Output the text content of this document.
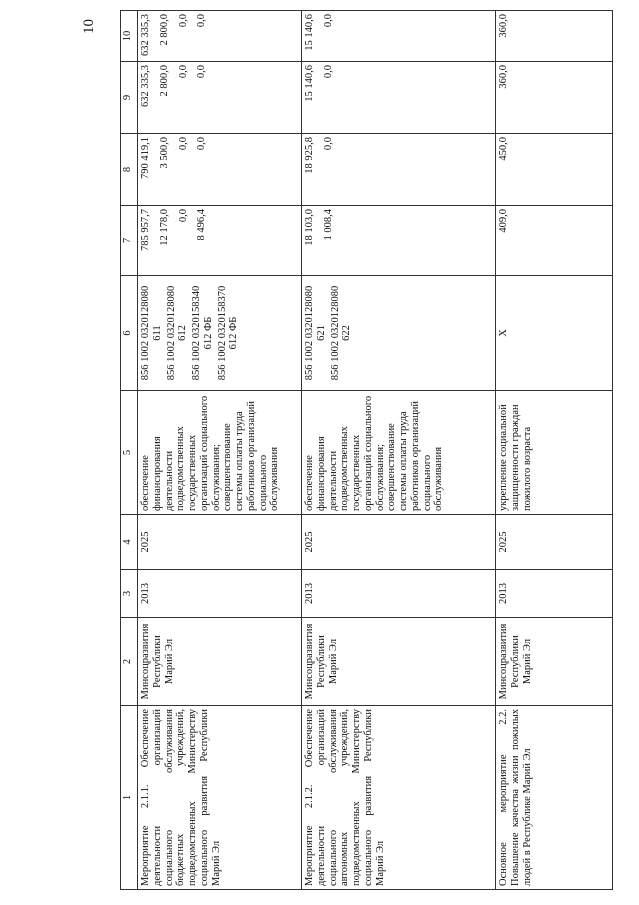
10
1
2
3
4
5
6
7
8
9
10
Мероприятие 2.1.1. Обеспечение деятельности организаций социального обслуживания бюджетных учреждений, подведомственных Министерству социального развития Республики Марий Эл
Минсоцразвития Республики Марий Эл
2013
2025
обеспечение финансирования деятельности подведомственных государственных организаций социального обслуживания; совершенствование системы оплаты труда работников организаций социального обслуживания
856 1002 0320128080 611 856 1002 0320128080 612 856 1002 0320158340 612 ФБ 856 1002 0320158370 612 ФБ
785 957,7 12 178,0 0,0 8 496,4
790 419,1 3 500,0 0,0 0,0
632 335,3 2 800,0 0,0 0,0
632 335,3 2 800,0 0,0 0,0
Мероприятие 2.1.2. Обеспечение деятельности организаций социального обслуживания автономных учреждений, подведомственных Министерству социального развития Республики Марий Эл
Минсоцразвития Республики Марий Эл
2013
2025
обеспечение финансирования деятельности подведомственных государственных организаций социального обслуживания; совершенствование системы оплаты труда работников организаций социального обслуживания
856 1002 0320128080 621 856 1002 0320128080 622
18 103,0 1 008,4
18 925,8 0,0
15 140,6 0,0
15 140,6 0,0
Основное мероприятие 2.2. Повышение качества жизни пожилых людей в Республике Марий Эл
Минсоцразвития Республики Марий Эл
2013
2025
укрепление социальной защищенности граждан пожилого возраста
X
409,0
450,0
360,0
360,0
